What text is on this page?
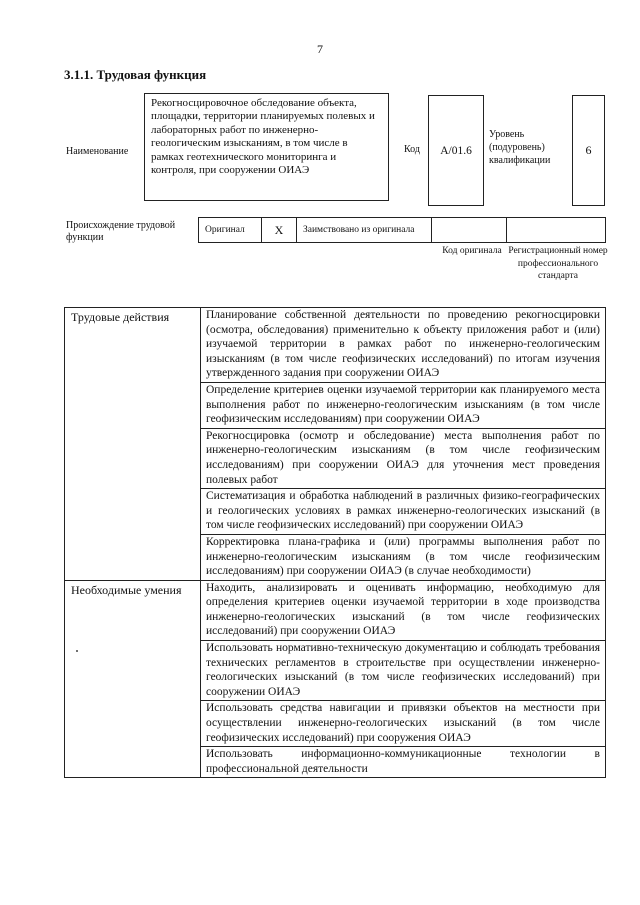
7
3.1.1. Трудовая функция
Наименование
Рекогносцировочное обследование объекта, площадки, территории планируемых полевых и лабораторных работ по инженерно-геологическим изысканиям, в том числе в рамках геотехнического мониторинга и контроля, при сооружении ОИАЭ
Код	А/01.6
Уровень (подуровень) квалификации
6
Происхождение трудовой функции
Оригинал	X	Заимствовано из оригинала
Код оригинала Регистрационный номер профессионального стандарта
Трудовые действия	Планирование собственной деятельности по проведению рекогносцировки (осмотра, обследования) применительно к объекту приложения работ и (или) изучаемой территории в рамках работ по инженерно-геологическим изысканиям (в том числе геофизических исследований) по итогам изучения утвержденного задания при сооружении ОИАЭ
	Определение критериев оценки изучаемой территории как планируемого места выполнения работ по инженерно-геологическим изысканиям (в том числе геофизическим исследованиям) при сооружении ОИАЭ
	Рекогносцировка (осмотр и обследование) места выполнения работ по инженерно-геологическим изысканиям (в том числе геофизическим исследованиям) при сооружении ОИАЭ для уточнения мест проведения полевых работ
	Систематизация и обработка наблюдений в различных физико-географических и геологических условиях в рамках инженерно-геологических изысканий (в том числе геофизических исследований) при сооружении ОИАЭ
	Корректировка плана-графика и (или) программы выполнения работ по инженерно-геологическим изысканиям (в том числе геофизическим исследованиям) при сооружении ОИАЭ (в случае необходимости)
Необходимые умения	Находить, анализировать и оценивать информацию, необходимую для определения критериев оценки изучаемой территории в ходе производства инженерно-геологических изысканий (в том числе геофизических исследований) при сооружении ОИАЭ
	Использовать нормативно-техническую документацию и соблюдать требования технических регламентов в строительстве при осуществлении инженерно-геологических изысканий (в том числе геофизических исследований) при сооружении ОИАЭ
	Использовать средства навигации и привязки объектов на местности при осуществлении инженерно-геологических изысканий (в том числе геофизических исследований) при сооружения ОИАЭ
	Использовать информационно-коммуникационные технологии в профессиональной деятельности
